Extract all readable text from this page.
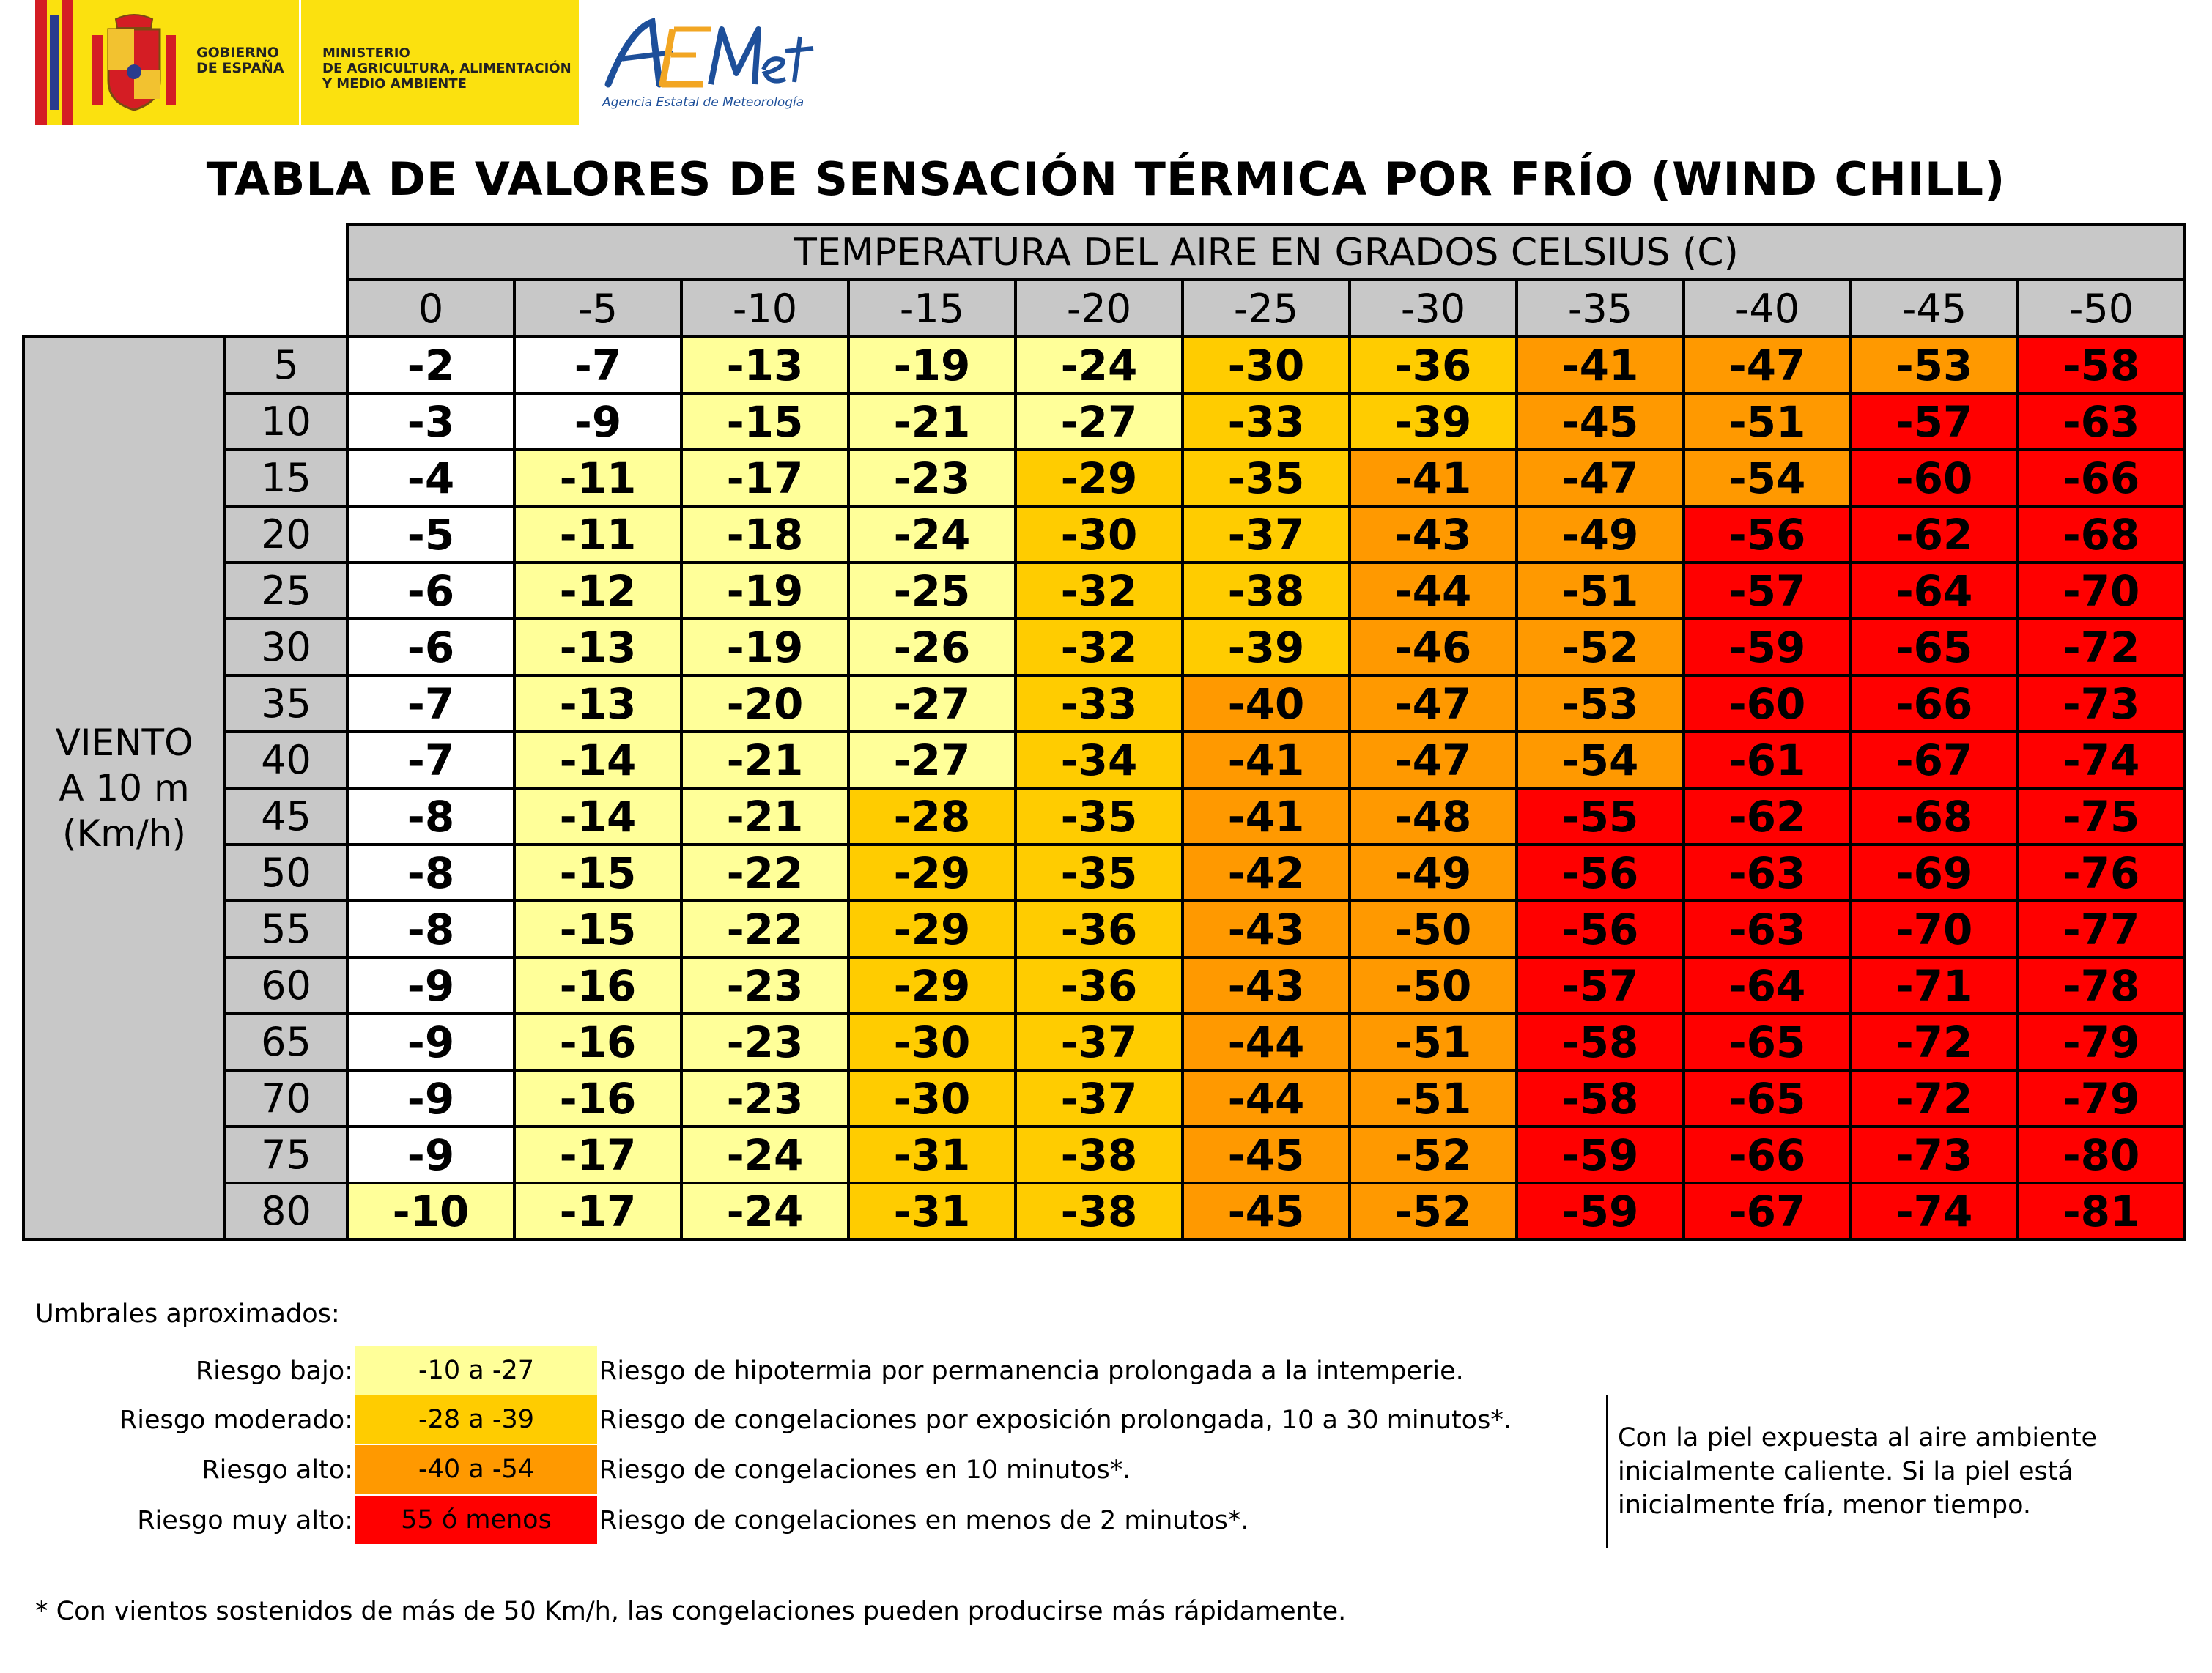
GOBIERNO
DE ESPAÑA
MINISTERIO
DE AGRICULTURA, ALIMENTACIÓN
Y MEDIO AMBIENTE
Agencia Estatal de Meteorología
TABLA DE VALORES DE SENSACIÓN TÉRMICA POR FRÍO (WIND CHILL)
		TEMPERATURA DEL AIRE EN GRADOS CELSIUS (C)										
		0	-5	-10	-15	-20	-25	-30	-35	-40	-45	-50

VIENTO
A 10 m
(Km/h)	5	-2	-7	-13	-19	-24	-30	-36	-41	-47	-53	-58
	10	-3	-9	-15	-21	-27	-33	-39	-45	-51	-57	-63
	15	-4	-11	-17	-23	-29	-35	-41	-47	-54	-60	-66
	20	-5	-11	-18	-24	-30	-37	-43	-49	-56	-62	-68
	25	-6	-12	-19	-25	-32	-38	-44	-51	-57	-64	-70
	30	-6	-13	-19	-26	-32	-39	-46	-52	-59	-65	-72
	35	-7	-13	-20	-27	-33	-40	-47	-53	-60	-66	-73
	40	-7	-14	-21	-27	-34	-41	-47	-54	-61	-67	-74
	45	-8	-14	-21	-28	-35	-41	-48	-55	-62	-68	-75
	50	-8	-15	-22	-29	-35	-42	-49	-56	-63	-69	-76
	55	-8	-15	-22	-29	-36	-43	-50	-56	-63	-70	-77
	60	-9	-16	-23	-29	-36	-43	-50	-57	-64	-71	-78
	65	-9	-16	-23	-30	-37	-44	-51	-58	-65	-72	-79
	70	-9	-16	-23	-30	-37	-44	-51	-58	-65	-72	-79
	75	-9	-17	-24	-31	-38	-45	-52	-59	-66	-73	-80
	80	-10	-17	-24	-31	-38	-45	-52	-59	-67	-74	-81
Umbrales aproximados:
Riesgo bajo:	-10 a -27	Riesgo de hipotermia por permanencia prolongada a la intemperie.
Riesgo moderado:	-28 a -39	Riesgo de congelaciones por exposición prolongada, 10 a 30 minutos*.
Riesgo alto:	-40 a -54	Riesgo de congelaciones en 10 minutos*.
Riesgo muy alto:	55 ó menos	Riesgo de congelaciones en menos de 2 minutos*.
Con la piel expuesta al aire ambiente
inicialmente caliente. Si la piel está
inicialmente fría, menor tiempo.
* Con vientos sostenidos de más de 50 Km/h, las congelaciones pueden producirse más rápidamente.
